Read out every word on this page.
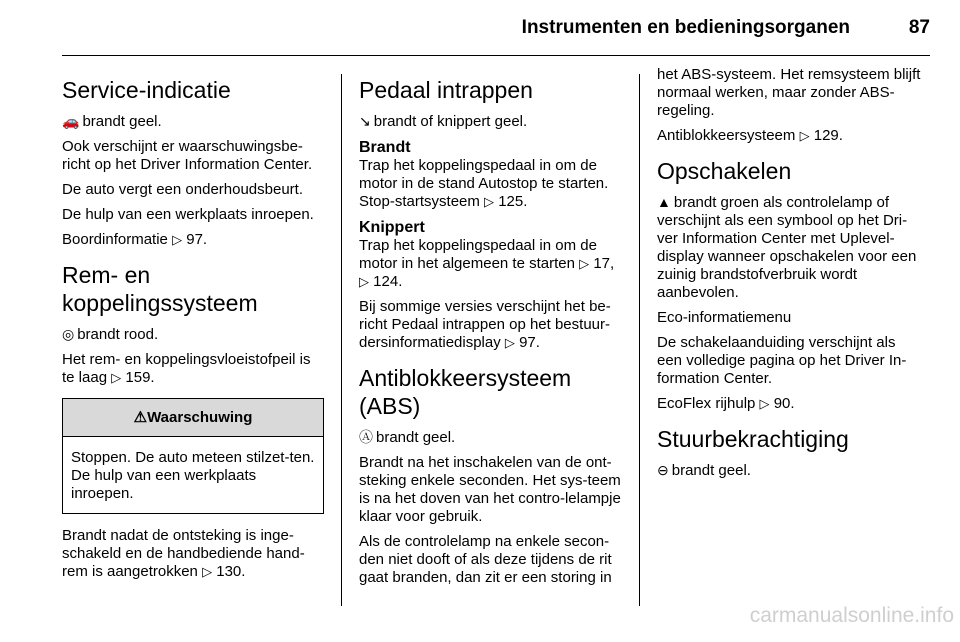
Instrumenten en bedieningsorganen	87
Service-indicatie

🚗 brandt geel.

Ook verschijnt er waarschuwingsbe-richt op het Driver Information Center.

De auto vergt een onderhoudsbeurt.

De hulp van een werkplaats inroepen.

Boordinformatie ▷ 97.

Rem- en koppelingssysteem

◎ brandt rood.

Het rem- en koppelingsvloeistofpeil is te laag ▷ 159.

⚠Waarschuwing
Stoppen. De auto meteen stilzet-ten. De hulp van een werkplaats inroepen.

Brandt nadat de ontsteking is inge-schakeld en de handbediende hand-rem is aangetrokken ▷ 130.

Pedaal intrappen

↘ brandt of knippert geel.

Brandt

Trap het koppelingspedaal in om de motor in de stand Autostop te starten. Stop-startsysteem ▷ 125.

Knippert

Trap het koppelingspedaal in om de motor in het algemeen te starten ▷ 17, ▷ 124.

Bij sommige versies verschijnt het be-richt Pedaal intrappen op het bestuur-dersinformatiedisplay ▷ 97.

Antiblokkeersysteem (ABS)

Ⓐ brandt geel.

Brandt na het inschakelen van de ont-steking enkele seconden. Het sys-teem is na het doven van het contro-lelampje klaar voor gebruik.

Als de controlelamp na enkele secon-den niet dooft of als deze tijdens de rit gaat branden, dan zit er een storing in

het ABS-systeem. Het remsysteem blijft normaal werken, maar zonder ABS-regeling.

Antiblokkeersysteem ▷ 129.

Opschakelen

▲ brandt groen als controlelamp of verschijnt als een symbool op het Dri-ver Information Center met Uplevel-display wanneer opschakelen voor een zuinig brandstofverbruik wordt aanbevolen.

Eco-informatiemenu

De schakelaanduiding verschijnt als een volledige pagina op het Driver In-formation Center.

EcoFlex rijhulp ▷ 90.

Stuurbekrachtiging

⊖ brandt geel.

carmanualsonline.info
